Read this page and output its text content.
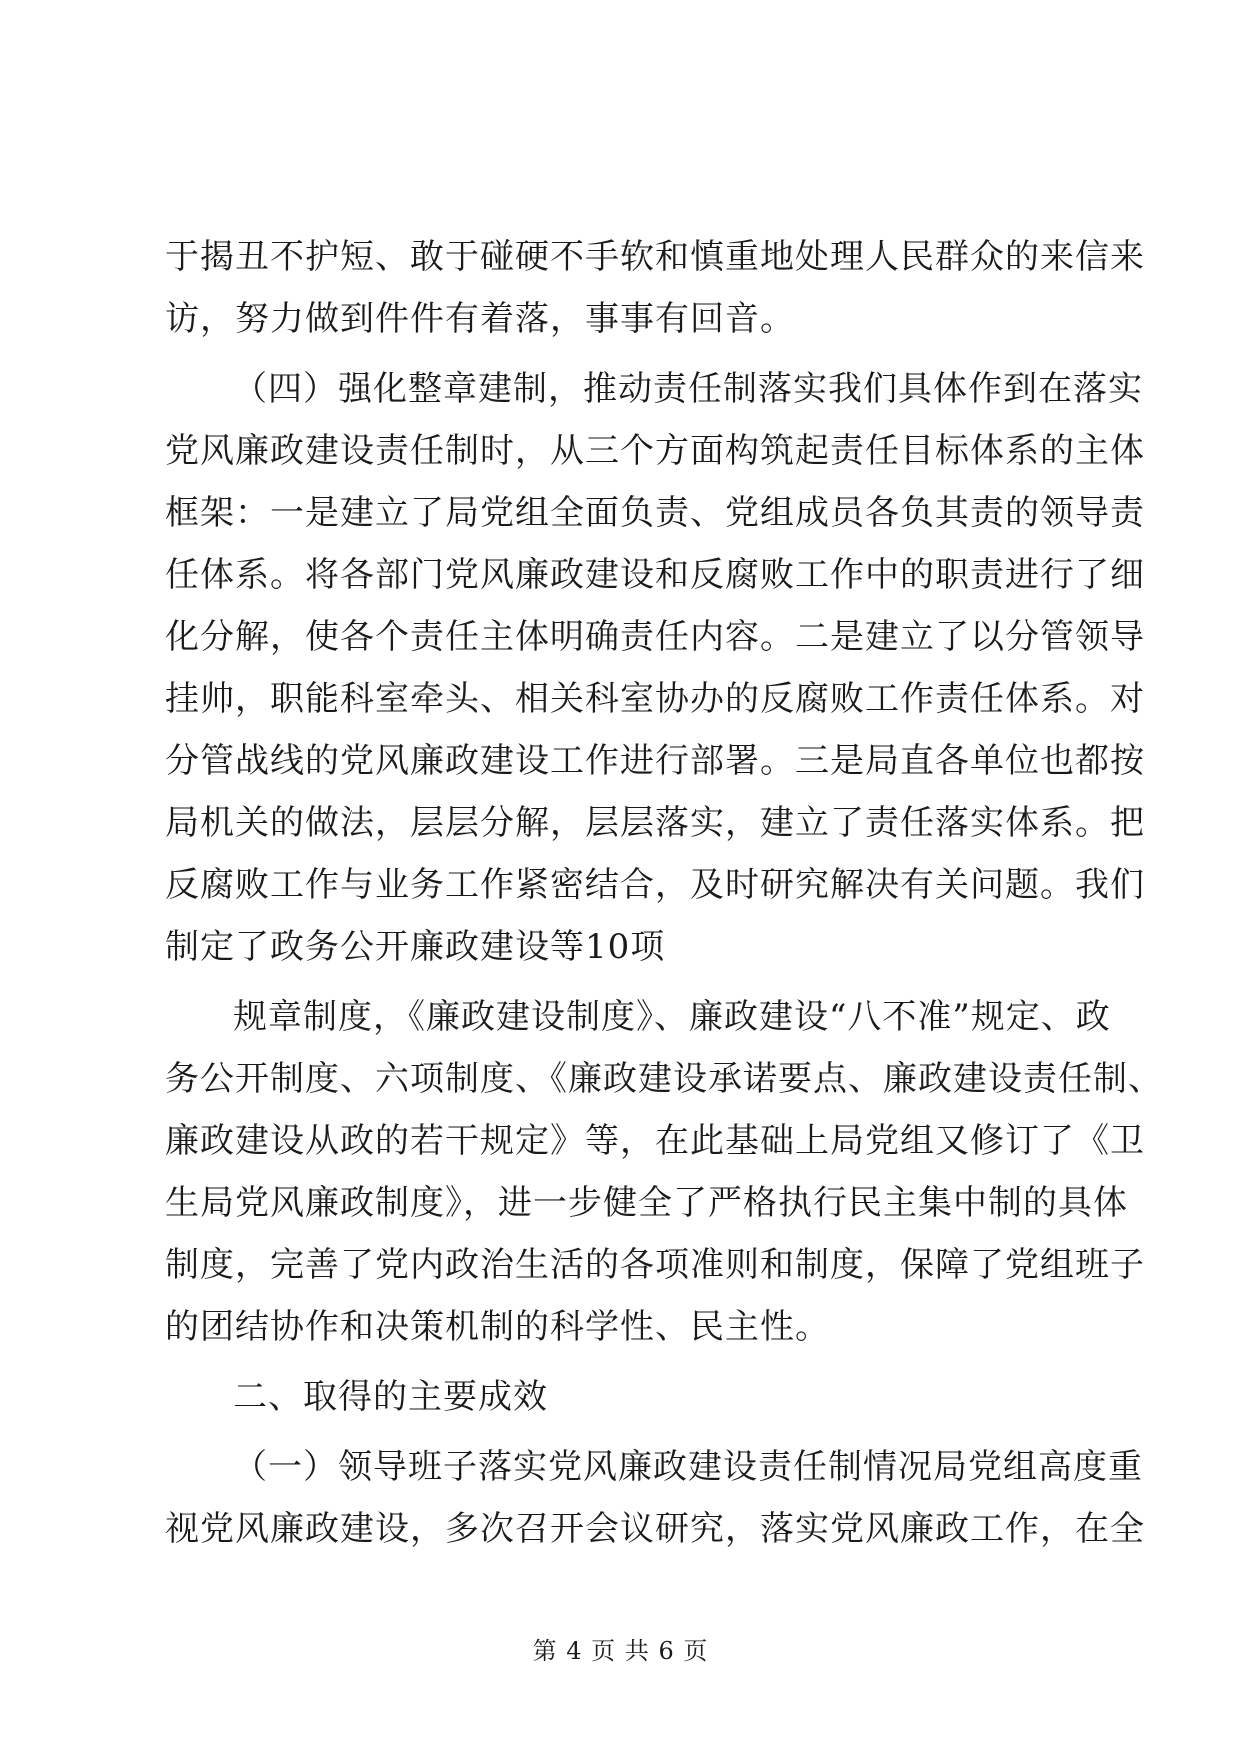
于揭丑不护短、敢于碰硬不手软和慎重地处理人民群众的来信来
访，努力做到件件有着落，事事有回音。
（四）强化整章建制，推动责任制落实我们具体作到在落实
党风廉政建设责任制时，从三个方面构筑起责任目标体系的主体
框架：一是建立了局党组全面负责、党组成员各负其责的领导责
任体系。将各部门党风廉政建设和反腐败工作中的职责进行了细
化分解，使各个责任主体明确责任内容。二是建立了以分管领导
挂帅，职能科室牵头、相关科室协办的反腐败工作责任体系。对
分管战线的党风廉政建设工作进行部署。三是局直各单位也都按
局机关的做法，层层分解，层层落实，建立了责任落实体系。把
反腐败工作与业务工作紧密结合，及时研究解决有关问题。我们
制定了政务公开廉政建设等10项
规章制度，《廉政建设制度》、廉政建设“八不准”规定、政
务公开制度、六项制度、《廉政建设承诺要点、廉政建设责任制、
廉政建设从政的若干规定》等，在此基础上局党组又修订了《卫
生局党风廉政制度》，进一步健全了严格执行民主集中制的具体
制度，完善了党内政治生活的各项准则和制度，保障了党组班子
的团结协作和决策机制的科学性、民主性。
二、取得的主要成效
（一）领导班子落实党风廉政建设责任制情况局党组高度重
视党风廉政建设，多次召开会议研究，落实党风廉政工作，在全
第 4 页 共 6 页
